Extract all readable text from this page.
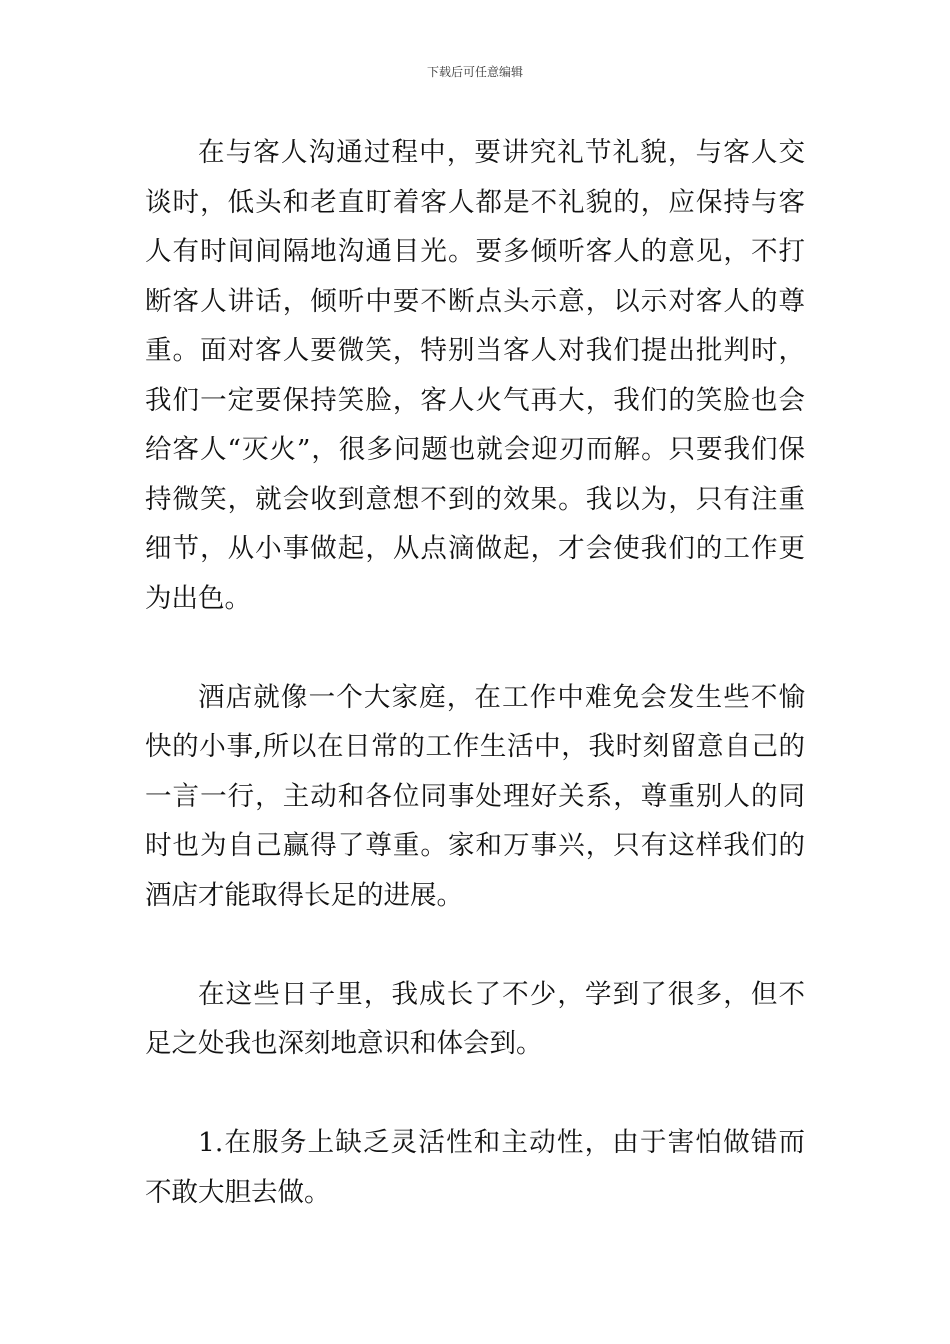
下载后可任意编辑

在与客人沟通过程中，要讲究礼节礼貌，与客人交谈时，低头和老直盯着客人都是不礼貌的，应保持与客人有时间间隔地沟通目光。要多倾听客人的意见，不打断客人讲话，倾听中要不断点头示意，以示对客人的尊重。面对客人要微笑，特别当客人对我们提出批判时，我们一定要保持笑脸，客人火气再大，我们的笑脸也会给客人“灭火”，很多问题也就会迎刃而解。只要我们保持微笑，就会收到意想不到的效果。我以为，只有注重细节，从小事做起，从点滴做起，才会使我们的工作更为出色。

酒店就像一个大家庭，在工作中难免会发生些不愉快的小事,所以在日常的工作生活中，我时刻留意自己的一言一行，主动和各位同事处理好关系，尊重别人的同时也为自己赢得了尊重。家和万事兴，只有这样我们的酒店才能取得长足的进展。

在这些日子里，我成长了不少，学到了很多，但不足之处我也深刻地意识和体会到。

1.在服务上缺乏灵活性和主动性，由于害怕做错而不敢大胆去做。
